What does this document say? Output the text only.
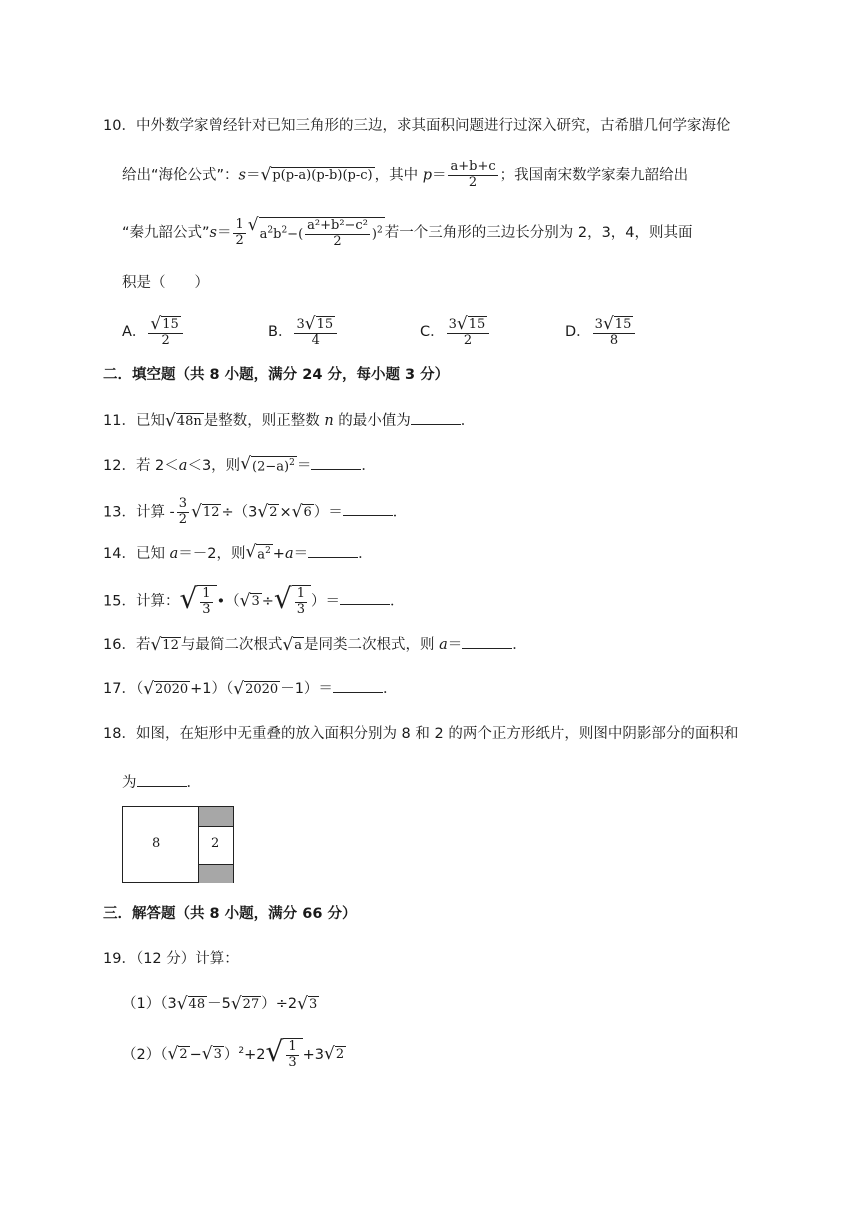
10．中外数学家曾经针对已知三角形的三边，求其面积问题进行过深入研究，古希腊几何学家海伦
给出“海伦公式”：s＝ √ p(p-a)(p-b)(p-c) ，其中 $p= \frac{a+b+c}{2}$ ；我国南宋数学家秦九韶给出
“秦九韶公式”s＝ $\frac{1}{2}$ √ $a^2b^2-( \frac{\text{a²+b²−c²}}{2} )^2$ 若一个三角形的三边长分别为 2，3，4，则其面
积是（　　）
A． $\frac{√ 15}{2}$	B． $\frac{3 √ 15}{4}$	C． $\frac{3 √ 15}{2}$	D． $\frac{3 √ 15}{8}$
二．填空题（共 8 小题，满分 24 分，每小题 3 分）
11．已知 √ 48n 是整数，则正整数 n 的最小值为	．
12．若 2＜a＜3，则 √ $(2-a)^2$ ＝	．
13．计算 - $\frac{3}{2}$ √ 12 ÷（3 √ 2 × √ 6 ）＝	．
14．已知 a＝－2，则 √ $a^2 +a=$	．
15．计算： √ $\frac{1}{3}$ •（ √ 3 ÷ √ $\frac{1}{3}$ ）＝	．
16．若 √ 12 与最简二次根式 √ a 是同类二次根式，则 a＝	．
17．（ √ 2020 +1）（ √ 2020 －1）＝	．
18．如图，在矩形中无重叠的放入面积分别为 8 和 2 的两个正方形纸片，则图中阴影部分的面积和
为	．
8	2
三．解答题（共 8 小题，满分 66 分）
19．（12 分）计算：
（1）（3 √ 48 －5 √ 27 ）÷2 √ 3
（2）（ √ 2 − √ 3 ）$^2$+2 √ $\frac{1}{3} +3$ √ 2
